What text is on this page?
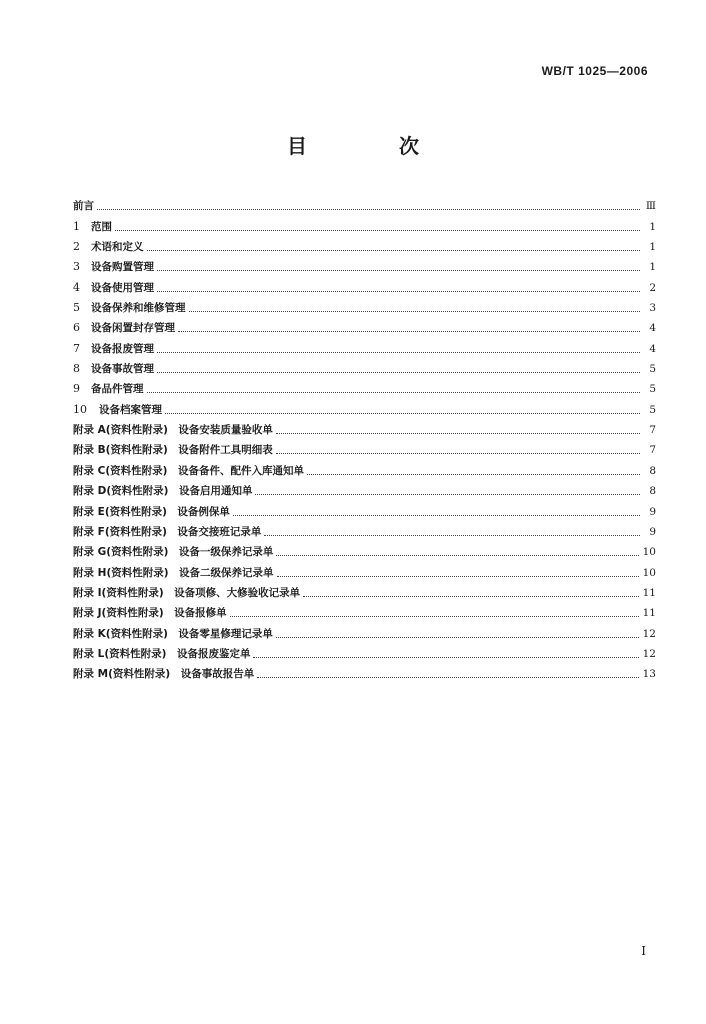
WB/T 1025—2006
目　次
前言	Ⅲ
1 范围	1
2 术语和定义	1
3 设备购置管理	1
4 设备使用管理	2
5 设备保养和维修管理	3
6 设备闲置封存管理	4
7 设备报废管理	4
8 设备事故管理	5
9 备品件管理	5
10 设备档案管理	5
附录 A(资料性附录)　设备安装质量验收单	7
附录 B(资料性附录)　设备附件工具明细表	7
附录 C(资料性附录)　设备备件、配件入库通知单	8
附录 D(资料性附录)　设备启用通知单	8
附录 E(资料性附录)　设备例保单	9
附录 F(资料性附录)　设备交接班记录单	9
附录 G(资料性附录)　设备一级保养记录单	10
附录 H(资料性附录)　设备二级保养记录单	10
附录 I(资料性附录)　设备项修、大修验收记录单	11
附录 J(资料性附录)　设备报修单	11
附录 K(资料性附录)　设备零星修理记录单	12
附录 L(资料性附录)　设备报废鉴定单	12
附录 M(资料性附录)　设备事故报告单	13
I
